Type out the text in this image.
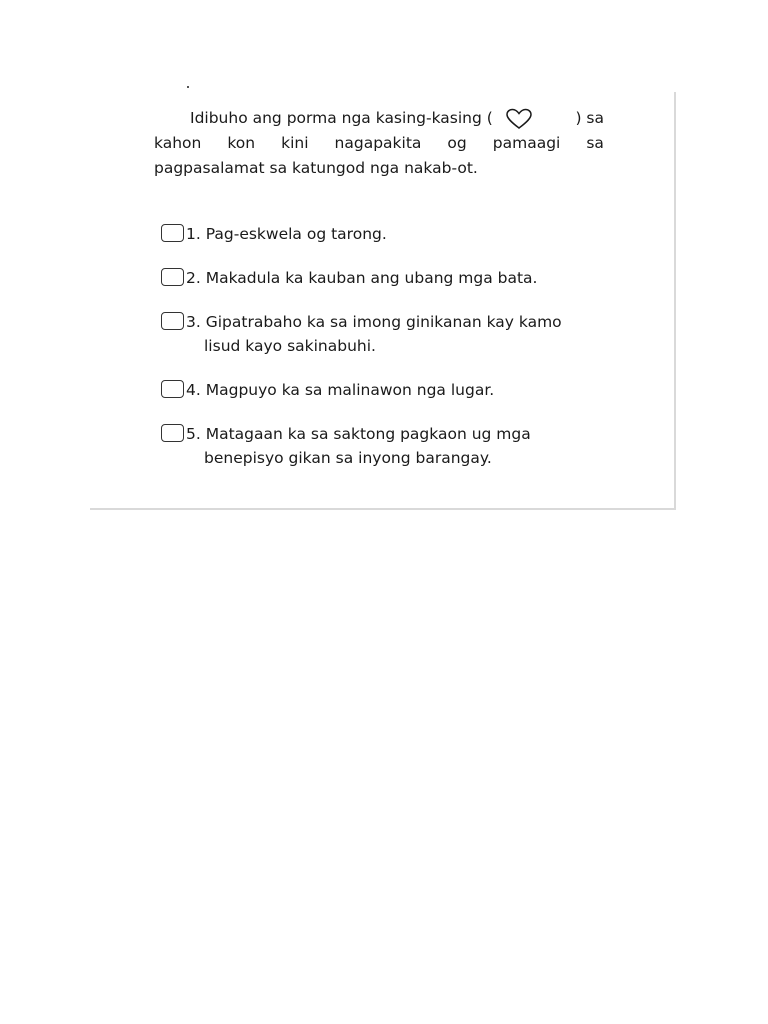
Idibuho ang porma nga kasing-kasing (	) sa
kahon kon kini nagapakita og pamaagi sa
pagpasalamat sa katungod nga nakab-ot.
1. Pag-eskwela og tarong.
2. Makadula ka kauban ang ubang mga bata.
3. Gipatrabaho ka sa imong ginikanan kay kamo
lisud kayo sakinabuhi.
4. Magpuyo ka sa malinawon nga lugar.
5. Matagaan ka sa saktong pagkaon ug mga
benepisyo gikan sa inyong barangay.
